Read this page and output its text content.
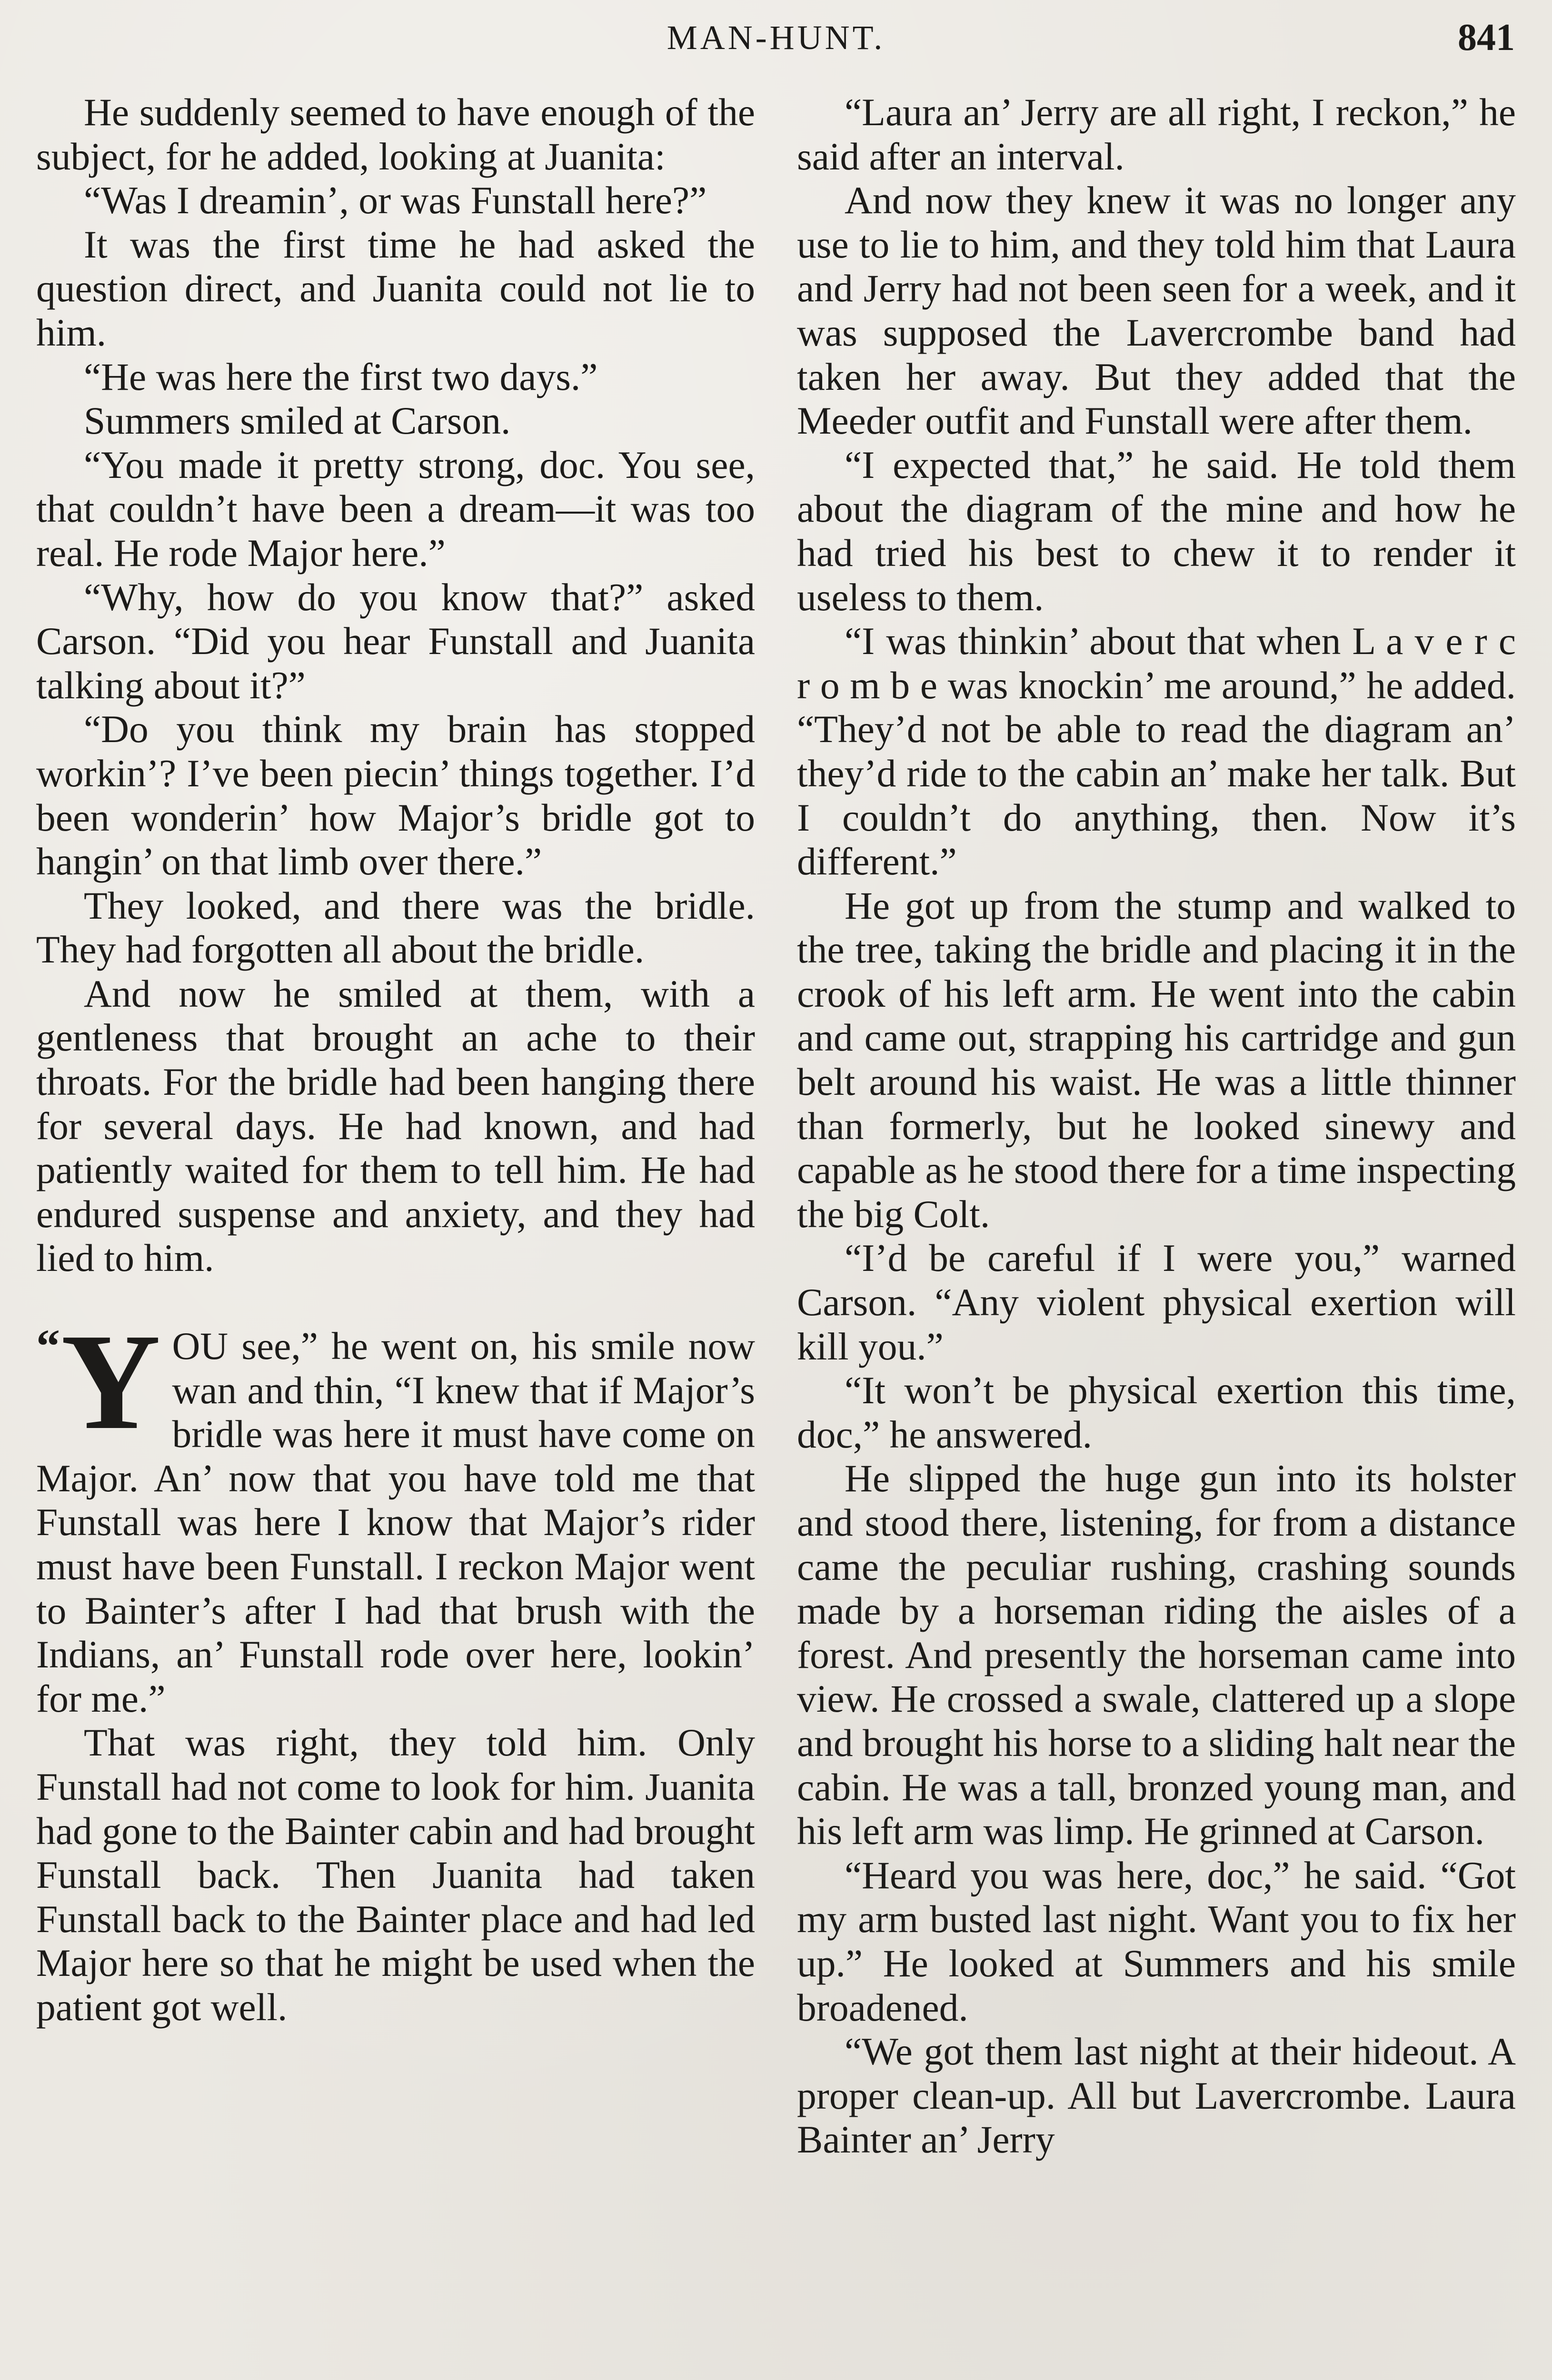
MAN-HUNT.	841

He suddenly seemed to have enough of the subject, for he added, looking at Juanita:

“Was I dreamin’, or was Funstall here?”

It was the first time he had asked the question direct, and Juanita could not lie to him.

“He was here the first two days.”

Summers smiled at Carson.

“You made it pretty strong, doc. You see, that couldn’t have been a dream—it was too real. He rode Major here.”

“Why, how do you know that?” asked Carson. “Did you hear Funstall and Juanita talking about it?”

“Do you think my brain has stopped workin’? I’ve been piecin’ things together. I’d been wonderin’ how Major’s bridle got to hangin’ on that limb over there.”

They looked, and there was the bridle. They had forgotten all about the bridle.

And now he smiled at them, with a gentleness that brought an ache to their throats. For the bridle had been hanging there for several days. He had known, and had patiently waited for them to tell him. He had endured suspense and anxiety, and they had lied to him.

“ Y OU see,” he went on, his smile now wan and thin, “I knew that if Major’s bridle was here it must have come on Major. An’ now that you have told me that Funstall was here I know that Major’s rider must have been Funstall. I reckon Major went to Bainter’s after I had that brush with the Indians, an’ Funstall rode over here, lookin’ for me.”

That was right, they told him. Only Funstall had not come to look for him. Juanita had gone to the Bainter cabin and had brought Funstall back. Then Juanita had taken Funstall back to the Bainter place and had led Major here so that he might be used when the patient got well.

“Laura an’ Jerry are all right, I reckon,” he said after an interval.

And now they knew it was no longer any use to lie to him, and they told him that Laura and Jerry had not been seen for a week, and it was supposed the Lavercrombe band had taken her away. But they added that the Meeder outfit and Funstall were after them.

“I expected that,” he said. He told them about the diagram of the mine and how he had tried his best to chew it to render it useless to them.

“I was thinkin’ about that when L a v e r c r o m b e was knockin’ me around,” he added. “They’d not be able to read the diagram an’ they’d ride to the cabin an’ make her talk. But I couldn’t do anything, then. Now it’s different.”

He got up from the stump and walked to the tree, taking the bridle and placing it in the crook of his left arm. He went into the cabin and came out, strapping his cartridge and gun belt around his waist. He was a little thinner than formerly, but he looked sinewy and capable as he stood there for a time inspecting the big Colt.

“I’d be careful if I were you,” warned Carson. “Any violent physical exertion will kill you.”

“It won’t be physical exertion this time, doc,” he answered.

He slipped the huge gun into its holster and stood there, listening, for from a distance came the peculiar rushing, crashing sounds made by a horseman riding the aisles of a forest. And presently the horseman came into view. He crossed a swale, clattered up a slope and brought his horse to a sliding halt near the cabin. He was a tall, bronzed young man, and his left arm was limp. He grinned at Carson.

“Heard you was here, doc,” he said. “Got my arm busted last night. Want you to fix her up.” He looked at Summers and his smile broadened.

“We got them last night at their hideout. A proper clean-up. All but Lavercrombe. Laura Bainter an’ Jerry
